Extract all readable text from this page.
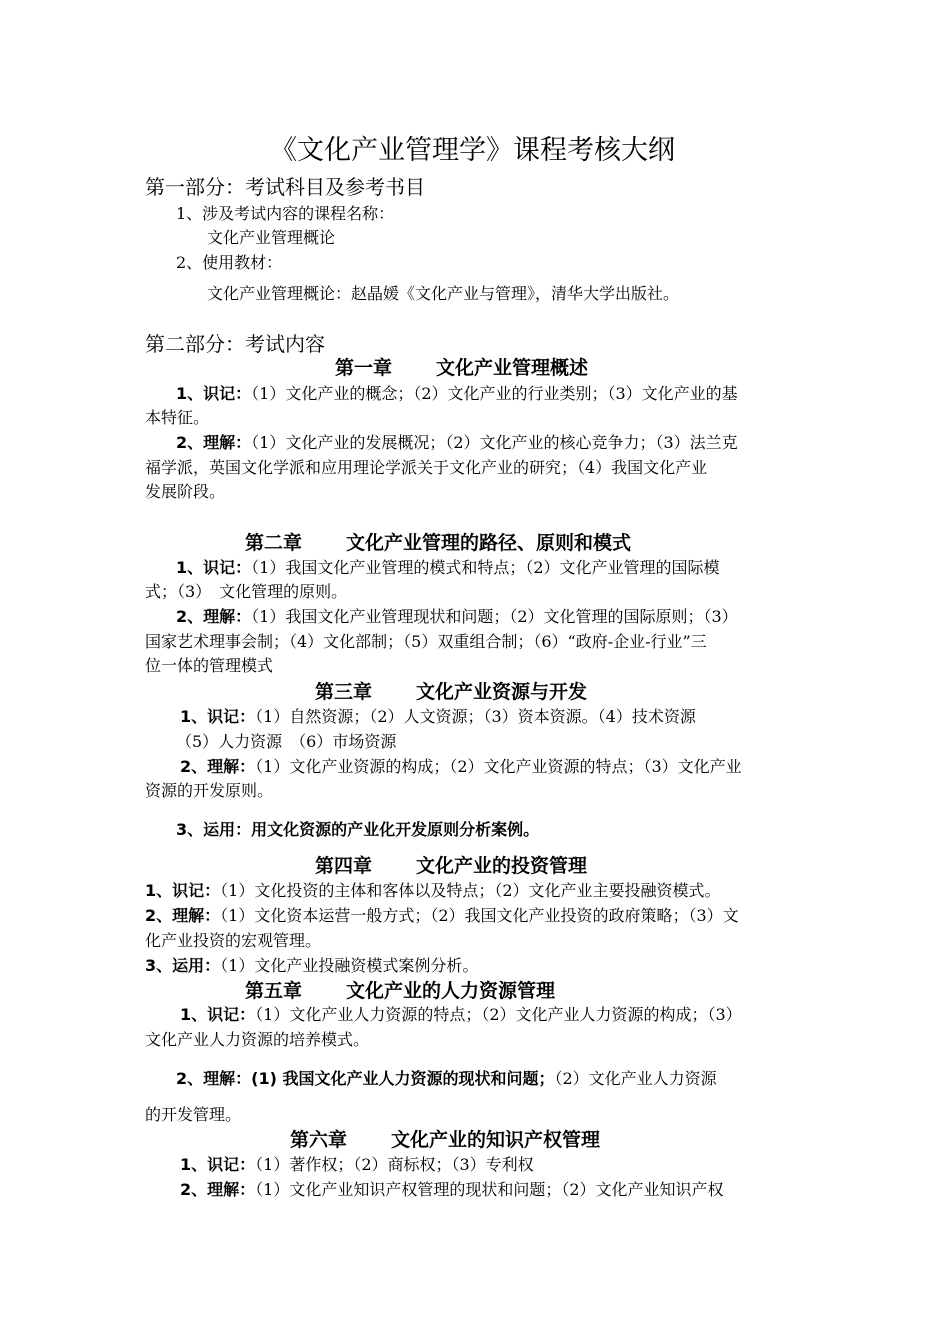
《文化产业管理学》课程考核大纲
第一部分：考试科目及参考书目
1、涉及考试内容的课程名称：
文化产业管理概论
2、使用教材：
文化产业管理概论：赵晶媛《文化产业与管理》，清华大学出版社。
第二部分：考试内容
第一章 文化产业管理概述
1、识记：（1）文化产业的概念；（2）文化产业的行业类别；（3）文化产业的基
本特征。
2、理解：（1）文化产业的发展概况；（2）文化产业的核心竞争力；（3）法兰克
福学派，英国文化学派和应用理论学派关于文化产业的研究；（4）我国文化产业
发展阶段。
第二章 文化产业管理的路径、原则和模式
1、识记：（1）我国文化产业管理的模式和特点；（2）文化产业管理的国际模
式；（3）　文化管理的原则。
2、理解：（1）我国文化产业管理现状和问题；（2）文化管理的国际原则；（3）
国家艺术理事会制；（4）文化部制；（5）双重组合制；（6）“政府-企业-行业”三
位一体的管理模式
第三章 文化产业资源与开发
1、识记：（1）自然资源；（2）人文资源；（3）资本资源。（4）技术资源
（5）人力资源　（6）市场资源
2、理解：（1）文化产业资源的构成；（2）文化产业资源的特点；（3）文化产业
资源的开发原则。
3、运用：用文化资源的产业化开发原则分析案例。
第四章 文化产业的投资管理
1、识记：（1）文化投资的主体和客体以及特点；（2）文化产业主要投融资模式。
2、理解：（1）文化资本运营一般方式；（2）我国文化产业投资的政府策略；（3）文
化产业投资的宏观管理。
3、运用：（1）文化产业投融资模式案例分析。
第五章 文化产业的人力资源管理
1、识记：（1）文化产业人力资源的特点；（2）文化产业人力资源的构成；（3）
文化产业人力资源的培养模式。
2、理解：(1) 我国文化产业人力资源的现状和问题；（2）文化产业人力资源
的开发管理。
第六章 文化产业的知识产权管理
1、识记：（1）著作权；（2）商标权；（3）专利权
2、理解：（1）文化产业知识产权管理的现状和问题；（2）文化产业知识产权
